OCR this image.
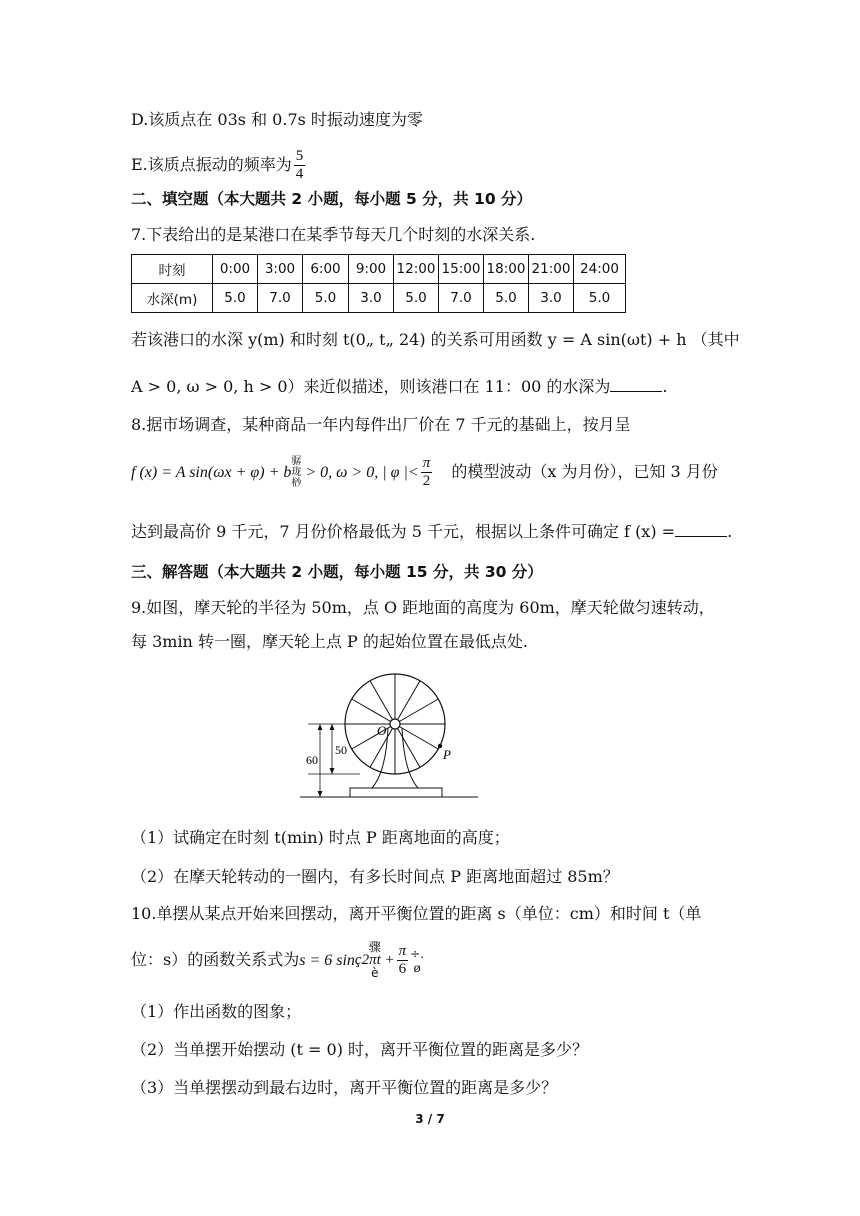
D.该质点在 03s 和 0.7s 时振动速度为零
E.该质点振动的频率为 $\frac{5}{4}$
二、填空题（本大题共 2 小题，每小题 5 分，共 10 分）
7.下表给出的是某港口在某季节每天几个时刻的水深关系.
时刻	0:00	3:00	6:00	9:00	12:00	15:00	18:00	21:00	24:00
水深(m)	5.0	7.0	5.0	3.0	5.0	7.0	5.0	3.0	5.0
若该港口的水深 y(m) 和时刻 t(0„ t„ 24) 的关系可用函数 y = A sin(ωt) + h （其中
A > 0, ω > 0, h > 0）来近似描述，则该港口在 11：00 的水深为	.
8.据市场调查，某种商品一年内每件出厂价在 7 千元的基础上，按月呈
f (x) = A sin(ωx + φ) + b骣 珑 桫> 0, ω > 0, | φ |< $\frac{\pi}{2}$ 的模型波动（x 为月份），已知 3 月份
达到最高价 9 千元，7 月份价格最低为 5 千元，根据以上条件可确定 f (x) =	.
三、解答题（本大题共 2 小题，每小题 15 分，共 30 分）
9.如图，摩天轮的半径为 50m，点 O 距地面的高度为 60m，摩天轮做匀速转动，
每 3min 转一圈，摩天轮上点 P 的起始位置在最低点处.
60
50
O
P
（1）试确定在时刻 t(min) 时点 P 距离地面的高度；
（2）在摩天轮转动的一圈内，有多长时间点 P 距离地面超过 85m？
10.单摆从某点开始来回摆动，离开平衡位置的距离 s（单位：cm）和时间 t（单
位：s）的函数关系式为s = 6 sin
骤
ç2πt +
è	$\frac{\pi}{6}$ ÷.
ø
（1）作出函数的图象；
（2）当单摆开始摆动 (t = 0) 时，离开平衡位置的距离是多少？
（3）当单摆摆动到最右边时，离开平衡位置的距离是多少？
3 / 7
